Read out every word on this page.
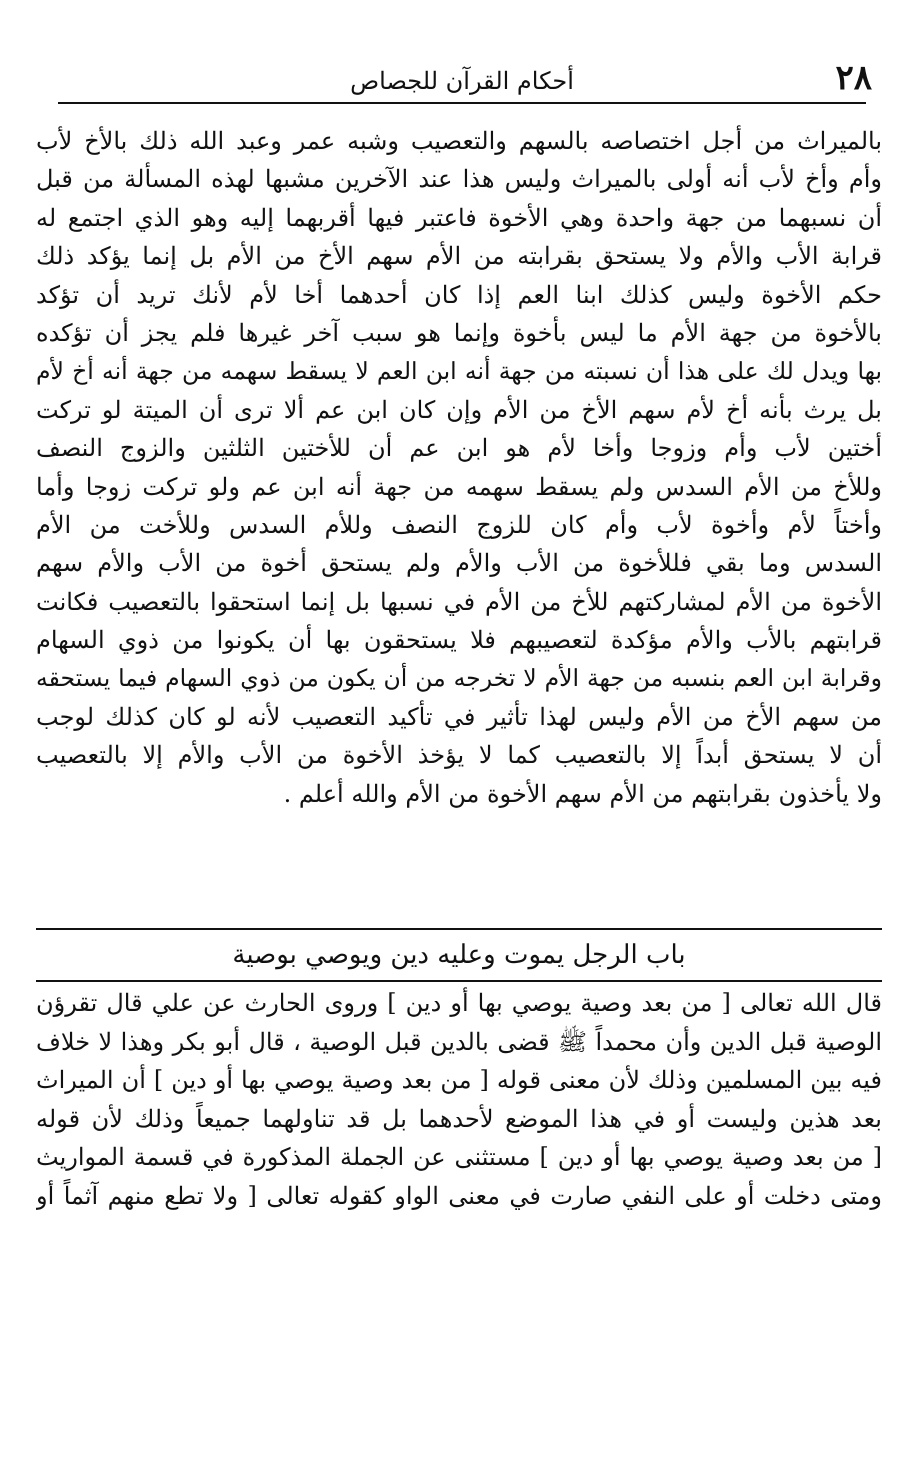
٢٨
أحكام القرآن للجصاص
بالميراث من أجل اختصاصه بالسهم والتعصيب وشبه عمر وعبد الله ذلك بالأخ لأب
وأم وأخ لأب أنه أولى بالميراث وليس هذا عند الآخرين مشبها لهذه المسألة من قبل
أن نسبهما من جهة واحدة وهي الأخوة فاعتبر فيها أقربهما إليه وهو الذي اجتمع له
قرابة الأب والأم ولا يستحق بقرابته من الأم سهم الأخ من الأم بل إنما يؤكد ذلك
حكم الأخوة وليس كذلك ابنا العم إذا كان أحدهما أخا لأم لأنك تريد أن تؤكد
بالأخوة من جهة الأم ما ليس بأخوة وإنما هو سبب آخر غيرها فلم يجز أن تؤكده
بها ويدل لك على هذا أن نسبته من جهة أنه ابن العم لا يسقط سهمه من جهة أنه أخ لأم
بل يرث بأنه أخ لأم سهم الأخ من الأم وإن كان ابن عم ألا ترى أن الميتة لو تركت
أختين لأب وأم وزوجا وأخا لأم هو ابن عم أن للأختين الثلثين والزوج النصف
وللأخ من الأم السدس ولم يسقط سهمه من جهة أنه ابن عم ولو تركت زوجا وأما
وأختاً لأم وأخوة لأب وأم كان للزوج النصف وللأم السدس وللأخت من الأم
السدس وما بقي فللأخوة من الأب والأم ولم يستحق أخوة من الأب والأم سهم
الأخوة من الأم لمشاركتهم للأخ من الأم في نسبها بل إنما استحقوا بالتعصيب فكانت
قرابتهم بالأب والأم مؤكدة لتعصيبهم فلا يستحقون بها أن يكونوا من ذوي السهام
وقرابة ابن العم بنسبه من جهة الأم لا تخرجه من أن يكون من ذوي السهام فيما يستحقه
من سهم الأخ من الأم وليس لهذا تأثير في تأكيد التعصيب لأنه لو كان كذلك لوجب
أن لا يستحق أبداً إلا بالتعصيب كما لا يؤخذ الأخوة من الأب والأم إلا بالتعصيب
ولا يأخذون بقرابتهم من الأم سهم الأخوة من الأم والله أعلم .
باب الرجل يموت وعليه دين ويوصي بوصية
قال الله تعالى [ من بعد وصية يوصي بها أو دين ] وروى الحارث عن علي قال تقرؤن
الوصية قبل الدين وأن محمداً ﷺ قضى بالدين قبل الوصية ، قال أبو بكر وهذا لا خلاف
فيه بين المسلمين وذلك لأن معنى قوله [ من بعد وصية يوصي بها أو دين ] أن الميراث
بعد هذين وليست أو في هذا الموضع لأحدهما بل قد تناولهما جميعاً وذلك لأن قوله
[ من بعد وصية يوصي بها أو دين ] مستثنى عن الجملة المذكورة في قسمة المواريث
ومتى دخلت أو على النفي صارت في معنى الواو كقوله تعالى [ ولا تطع منهم آثماً أو
